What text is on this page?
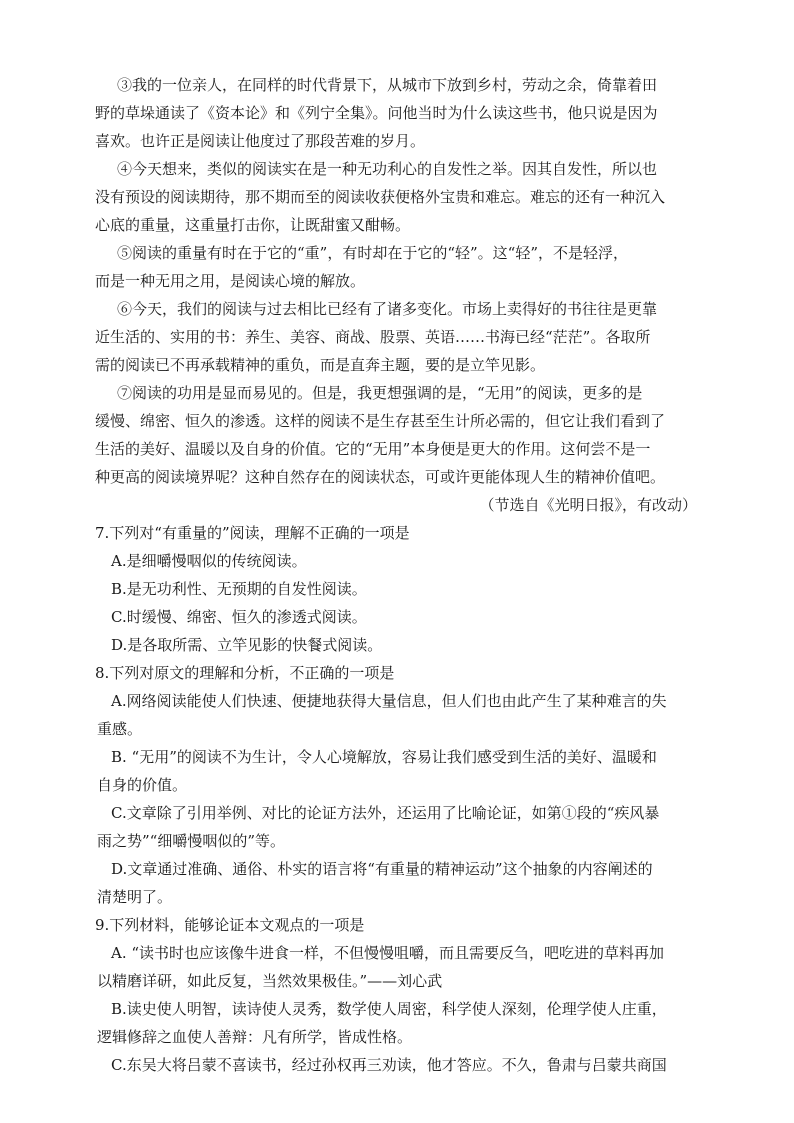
③我的一位亲人，在同样的时代背景下，从城市下放到乡村，劳动之余，倚靠着田
野的草垛通读了《资本论》和《列宁全集》。问他当时为什么读这些书，他只说是因为
喜欢。也许正是阅读让他度过了那段苦难的岁月。
④今天想来，类似的阅读实在是一种无功利心的自发性之举。因其自发性，所以也
没有预设的阅读期待，那不期而至的阅读收获便格外宝贵和难忘。难忘的还有一种沉入
心底的重量，这重量打击你，让既甜蜜又酣畅。
⑤阅读的重量有时在于它的“重”，有时却在于它的“轻”。这“轻”，不是轻浮，
而是一种无用之用，是阅读心境的解放。
⑥今天，我们的阅读与过去相比已经有了诸多变化。市场上卖得好的书往往是更靠
近生活的、实用的书：养生、美容、商战、股票、英语……书海已经“茫茫”。各取所
需的阅读已不再承载精神的重负，而是直奔主题，要的是立竿见影。
⑦阅读的功用是显而易见的。但是，我更想强调的是，“无用”的阅读，更多的是
缓慢、绵密、恒久的渗透。这样的阅读不是生存甚至生计所必需的，但它让我们看到了
生活的美好、温暖以及自身的价值。它的“无用”本身便是更大的作用。这何尝不是一
种更高的阅读境界呢？这种自然存在的阅读状态，可或许更能体现人生的精神价值吧。
（节选自《光明日报》，有改动）
7.下列对“有重量的”阅读，理解不正确的一项是
A.是细嚼慢咽似的传统阅读。
B.是无功利性、无预期的自发性阅读。
C.时缓慢、绵密、恒久的渗透式阅读。
D.是各取所需、立竿见影的快餐式阅读。
8.下列对原文的理解和分析，不正确的一项是
A.网络阅读能使人们快速、便捷地获得大量信息，但人们也由此产生了某种难言的失
重感。
B. “无用”的阅读不为生计，令人心境解放，容易让我们感受到生活的美好、温暖和
自身的价值。
C.文章除了引用举例、对比的论证方法外，还运用了比喻论证，如第①段的“疾风暴
雨之势”“细嚼慢咽似的”等。
D.文章通过准确、通俗、朴实的语言将“有重量的精神运动”这个抽象的内容阐述的
清楚明了。
9.下列材料，能够论证本文观点的一项是
A. “读书时也应该像牛进食一样，不但慢慢咀嚼，而且需要反刍，吧吃进的草料再加
以精磨详研，如此反复，当然效果极佳。”——刘心武
B.读史使人明智，读诗使人灵秀，数学使人周密，科学使人深刻，伦理学使人庄重，
逻辑修辞之血使人善辩：凡有所学，皆成性格。
C.东吴大将吕蒙不喜读书，经过孙权再三劝读，他才答应。不久，鲁肃与吕蒙共商国
